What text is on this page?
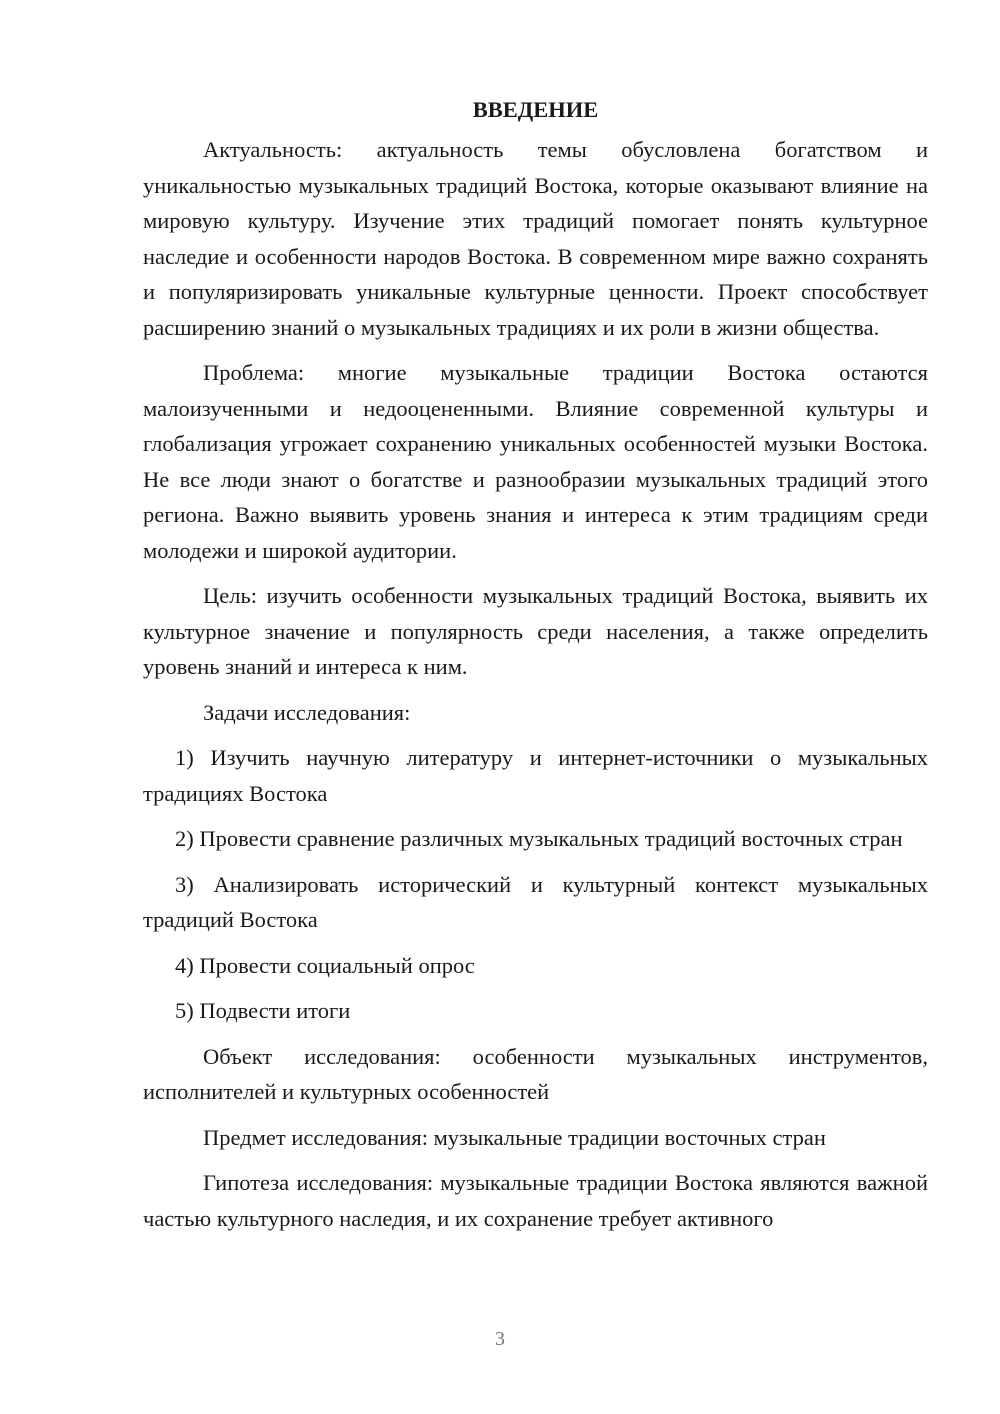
ВВЕДЕНИЕ

Актуальность: актуальность темы обусловлена богатством и уникальностью музыкальных традиций Востока, которые оказывают влияние на мировую культуру. Изучение этих традиций помогает понять культурное наследие и особенности народов Востока. В современном мире важно сохранять и популяризировать уникальные культурные ценности. Проект способствует расширению знаний о музыкальных традициях и их роли в жизни общества.

Проблема: многие музыкальные традиции Востока остаются малоизученными и недооцененными. Влияние современной культуры и глобализация угрожает сохранению уникальных особенностей музыки Востока. Не все люди знают о богатстве и разнообразии музыкальных традиций этого региона. Важно выявить уровень знания и интереса к этим традициям среди молодежи и широкой аудитории.

Цель: изучить особенности музыкальных традиций Востока, выявить их культурное значение и популярность среди населения, а также определить уровень знаний и интереса к ним.

Задачи исследования:

1) Изучить научную литературу и интернет-источники о музыкальных традициях Востока

2) Провести сравнение различных музыкальных традиций восточных стран

3) Анализировать исторический и культурный контекст музыкальных традиций Востока

4) Провести социальный опрос

5) Подвести итоги

Объект исследования: особенности музыкальных инструментов, исполнителей и культурных особенностей

Предмет исследования: музыкальные традиции восточных стран

Гипотеза исследования: музыкальные традиции Востока являются важной частью культурного наследия, и их сохранение требует активного

3
